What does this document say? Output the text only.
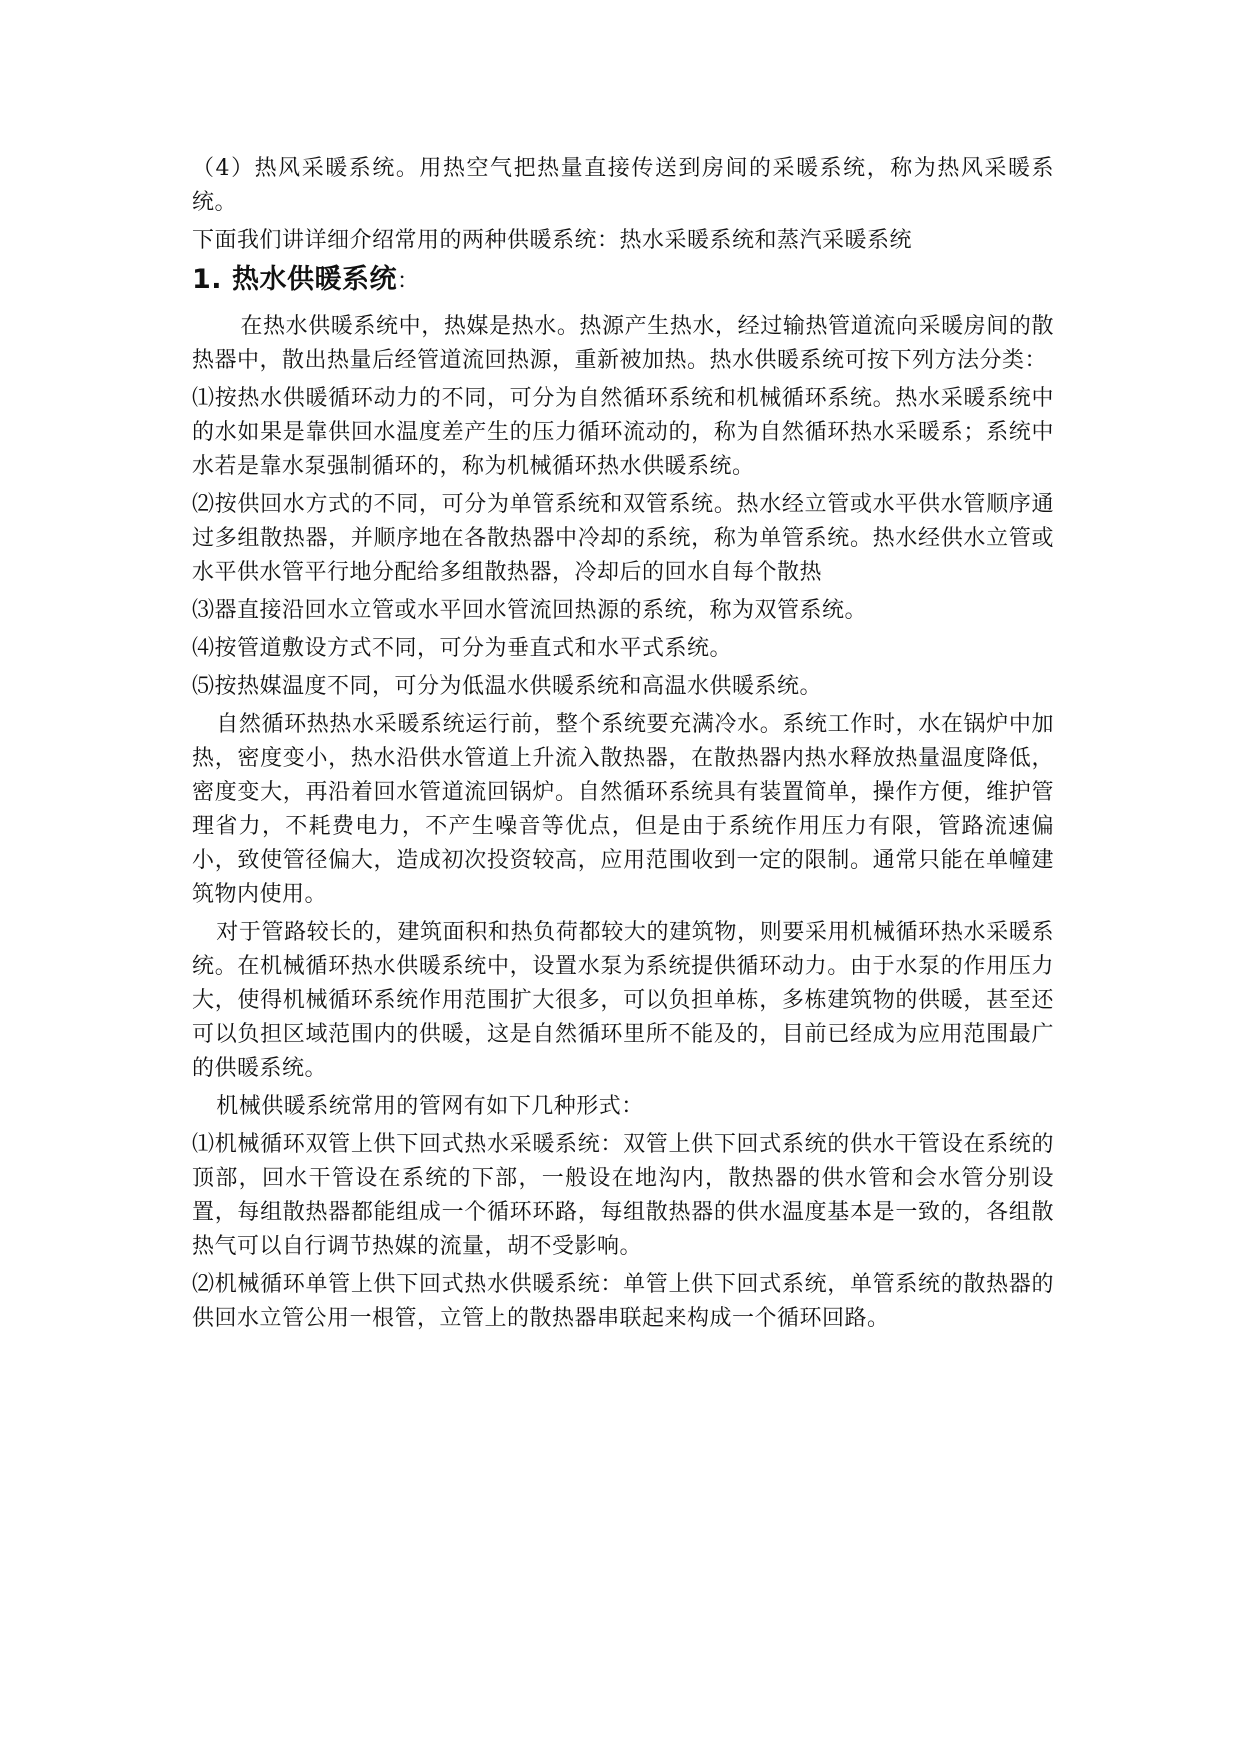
（4）热风采暖系统。用热空气把热量直接传送到房间的采暖系统，称为热风采暖系统。

下面我们讲详细介绍常用的两种供暖系统：热水采暖系统和蒸汽采暖系统

1. 热水供暖系统：

在热水供暖系统中，热媒是热水。热源产生热水，经过输热管道流向采暖房间的散热器中，散出热量后经管道流回热源，重新被加热。热水供暖系统可按下列方法分类：

⑴按热水供暖循环动力的不同，可分为自然循环系统和机械循环系统。热水采暖系统中的水如果是靠供回水温度差产生的压力循环流动的，称为自然循环热水采暖系；系统中水若是靠水泵强制循环的，称为机械循环热水供暖系统。

⑵按供回水方式的不同，可分为单管系统和双管系统。热水经立管或水平供水管顺序通过多组散热器，并顺序地在各散热器中冷却的系统，称为单管系统。热水经供水立管或水平供水管平行地分配给多组散热器，冷却后的回水自每个散热

⑶器直接沿回水立管或水平回水管流回热源的系统，称为双管系统。

⑷按管道敷设方式不同，可分为垂直式和水平式系统。

⑸按热媒温度不同，可分为低温水供暖系统和高温水供暖系统。

自然循环热热水采暖系统运行前，整个系统要充满冷水。系统工作时，水在锅炉中加热，密度变小，热水沿供水管道上升流入散热器，在散热器内热水释放热量温度降低，密度变大，再沿着回水管道流回锅炉。自然循环系统具有装置简单，操作方便，维护管理省力，不耗费电力，不产生噪音等优点，但是由于系统作用压力有限，管路流速偏小，致使管径偏大，造成初次投资较高，应用范围收到一定的限制。通常只能在单幢建筑物内使用。

对于管路较长的，建筑面积和热负荷都较大的建筑物，则要采用机械循环热水采暖系统。在机械循环热水供暖系统中，设置水泵为系统提供循环动力。由于水泵的作用压力大，使得机械循环系统作用范围扩大很多，可以负担单栋，多栋建筑物的供暖，甚至还可以负担区域范围内的供暖，这是自然循环里所不能及的，目前已经成为应用范围最广的供暖系统。

机械供暖系统常用的管网有如下几种形式：

⑴机械循环双管上供下回式热水采暖系统：双管上供下回式系统的供水干管设在系统的顶部，回水干管设在系统的下部，一般设在地沟内，散热器的供水管和会水管分别设置，每组散热器都能组成一个循环环路，每组散热器的供水温度基本是一致的，各组散热气可以自行调节热媒的流量，胡不受影响。

⑵机械循环单管上供下回式热水供暖系统：单管上供下回式系统，单管系统的散热器的供回水立管公用一根管，立管上的散热器串联起来构成一个循环回路。
